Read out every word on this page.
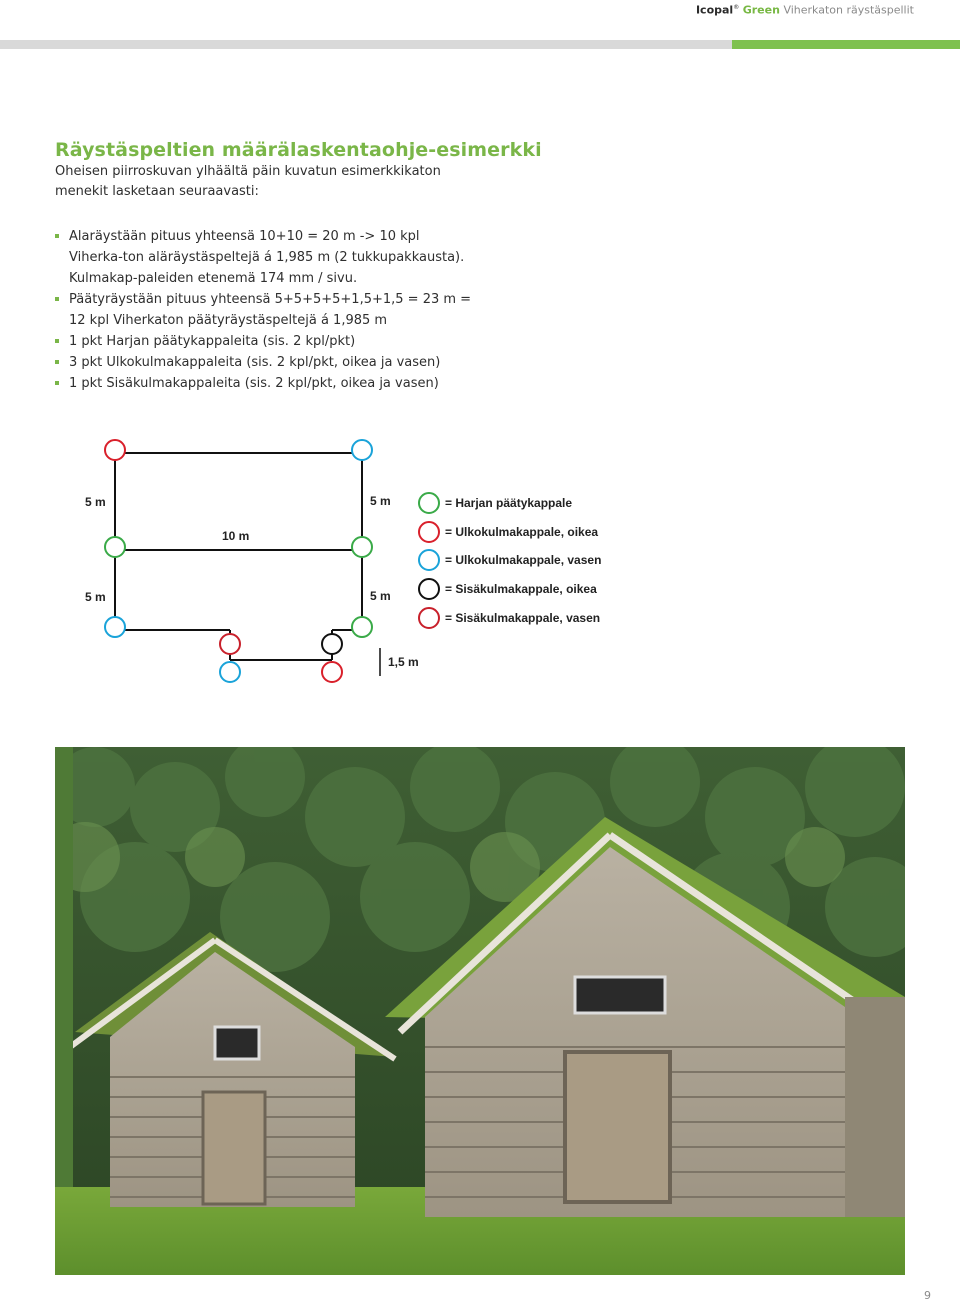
Icopal® Green Viherkaton räystäspellit
Räystäspeltien määrälaskentaohje-esimerkki

Oheisen piirroskuvan ylhäältä päin kuvatun esimerkkikaton menekit lasketaan seuraavasti:

Alaräystään pituus yhteensä 10+10 = 20 m -> 10 kpl Viherka-ton aläräystäspeltejä á 1,985 m (2 tukkupakkausta). Kulmakap-paleiden etenemä 174 mm / sivu.
Päätyräystään pituus yhteensä 5+5+5+5+1,5+1,5 = 23 m = 12 kpl Viherkaton päätyräystäspeltejä á 1,985 m
1 pkt Harjan päätykappaleita (sis. 2 kpl/pkt)
3 pkt Ulkokulmakappaleita (sis. 2 kpl/pkt, oikea ja vasen)
1 pkt Sisäkulmakappaleita (sis. 2 kpl/pkt, oikea ja vasen)
5 m	5 m
10 m
5 m	5 m
1,5 m
= Harjan päätykappale
= Ulkokulmakappale, oikea
= Ulkokulmakappale, vasen
= Sisäkulmakappale, oikea
= Sisäkulmakappale, vasen
9
